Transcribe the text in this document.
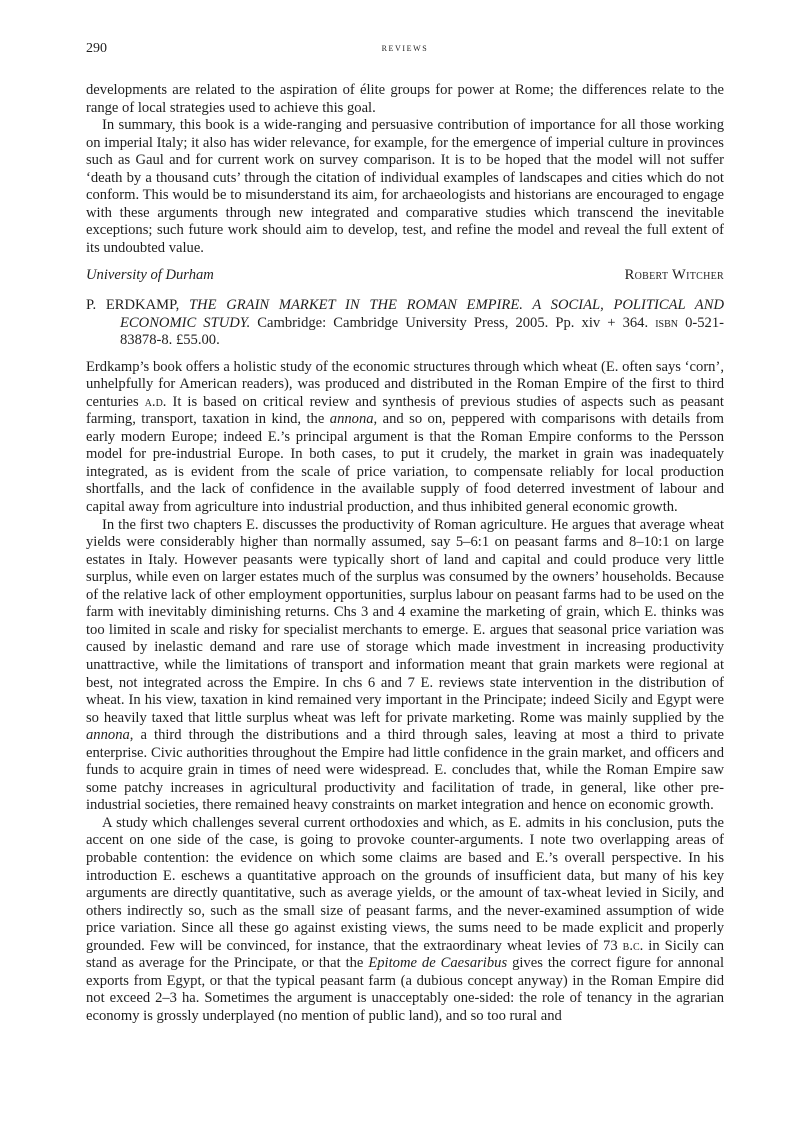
290	reviews

developments are related to the aspiration of élite groups for power at Rome; the differences relate to the range of local strategies used to achieve this goal.

In summary, this book is a wide-ranging and persuasive contribution of importance for all those working on imperial Italy; it also has wider relevance, for example, for the emergence of imperial culture in provinces such as Gaul and for current work on survey comparison. It is to be hoped that the model will not suffer ‘death by a thousand cuts’ through the citation of individual examples of landscapes and cities which do not conform. This would be to misunderstand its aim, for archaeologists and historians are encouraged to engage with these arguments through new integrated and comparative studies which transcend the inevitable exceptions; such future work should aim to develop, test, and refine the model and reveal the full extent of its undoubted value.

University of Durham	Robert Witcher
P. ERDKAMP, THE GRAIN MARKET IN THE ROMAN EMPIRE. A SOCIAL, POLITICAL AND ECONOMIC STUDY. Cambridge: Cambridge University Press, 2005. Pp. xiv + 364. isbn 0-521-83878-8. £55.00.

Erdkamp’s book offers a holistic study of the economic structures through which wheat (E. often says ‘corn’, unhelpfully for American readers), was produced and distributed in the Roman Empire of the first to third centuries a.d. It is based on critical review and synthesis of previous studies of aspects such as peasant farming, transport, taxation in kind, the annona, and so on, peppered with comparisons with details from early modern Europe; indeed E.’s principal argument is that the Roman Empire conforms to the Persson model for pre-industrial Europe. In both cases, to put it crudely, the market in grain was inadequately integrated, as is evident from the scale of price variation, to compensate reliably for local production shortfalls, and the lack of confidence in the available supply of food deterred investment of labour and capital away from agriculture into industrial production, and thus inhibited general economic growth.

In the first two chapters E. discusses the productivity of Roman agriculture. He argues that average wheat yields were considerably higher than normally assumed, say 5–6:1 on peasant farms and 8–10:1 on large estates in Italy. However peasants were typically short of land and capital and could produce very little surplus, while even on larger estates much of the surplus was consumed by the owners’ households. Because of the relative lack of other employment opportunities, surplus labour on peasant farms had to be used on the farm with inevitably diminishing returns. Chs 3 and 4 examine the marketing of grain, which E. thinks was too limited in scale and risky for specialist merchants to emerge. E. argues that seasonal price variation was caused by inelastic demand and rare use of storage which made investment in increasing productivity unattractive, while the limitations of transport and information meant that grain markets were regional at best, not integrated across the Empire. In chs 6 and 7 E. reviews state intervention in the distribution of wheat. In his view, taxation in kind remained very important in the Principate; indeed Sicily and Egypt were so heavily taxed that little surplus wheat was left for private marketing. Rome was mainly supplied by the annona, a third through the distributions and a third through sales, leaving at most a third to private enterprise. Civic authorities throughout the Empire had little confidence in the grain market, and officers and funds to acquire grain in times of need were widespread. E. concludes that, while the Roman Empire saw some patchy increases in agricultural productivity and facilitation of trade, in general, like other pre-industrial societies, there remained heavy constraints on market integration and hence on economic growth.

A study which challenges several current orthodoxies and which, as E. admits in his conclusion, puts the accent on one side of the case, is going to provoke counter-arguments. I note two overlapping areas of probable contention: the evidence on which some claims are based and E.’s overall perspective. In his introduction E. eschews a quantitative approach on the grounds of insufficient data, but many of his key arguments are directly quantitative, such as average yields, or the amount of tax-wheat levied in Sicily, and others indirectly so, such as the small size of peasant farms, and the never-examined assumption of wide price variation. Since all these go against existing views, the sums need to be made explicit and properly grounded. Few will be convinced, for instance, that the extraordinary wheat levies of 73 b.c. in Sicily can stand as average for the Principate, or that the Epitome de Caesaribus gives the correct figure for annonal exports from Egypt, or that the typical peasant farm (a dubious concept anyway) in the Roman Empire did not exceed 2–3 ha. Sometimes the argument is unacceptably one-sided: the role of tenancy in the agrarian economy is grossly underplayed (no mention of public land), and so too rural and
